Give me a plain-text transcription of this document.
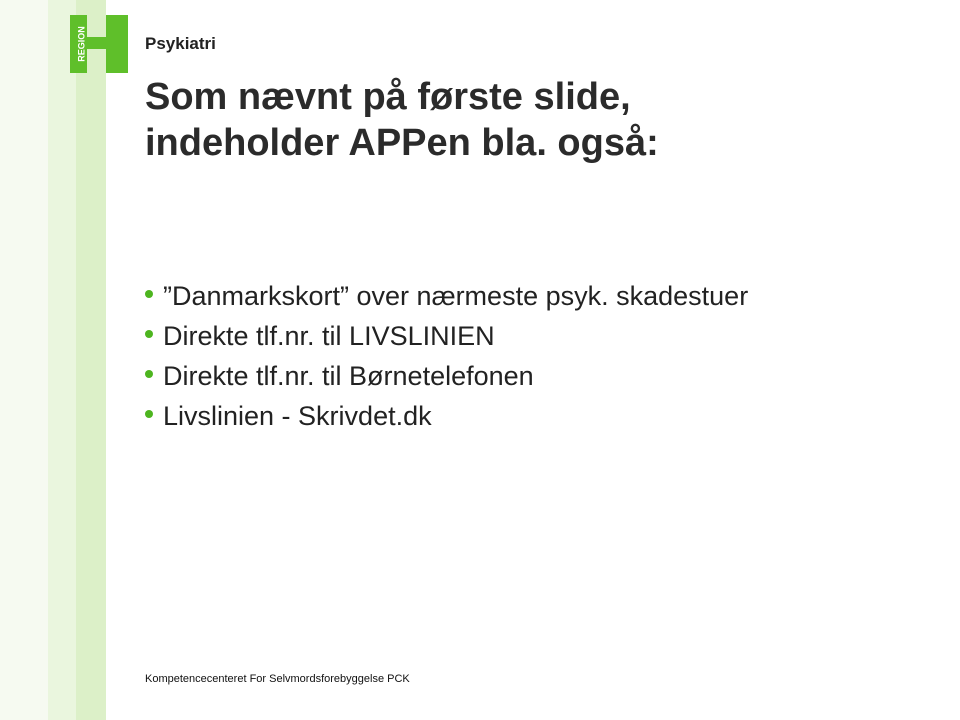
REGION	Psykiatri
Som nævnt på første slide,
indeholder APPen bla. også:
”Danmarkskort” over nærmeste psyk. skadestuer
Direkte tlf.nr. til LIVSLINIEN
Direkte tlf.nr. til Børnetelefonen
Livslinien - Skrivdet.dk
Kompetencecenteret For Selvmordsforebyggelse PCK
